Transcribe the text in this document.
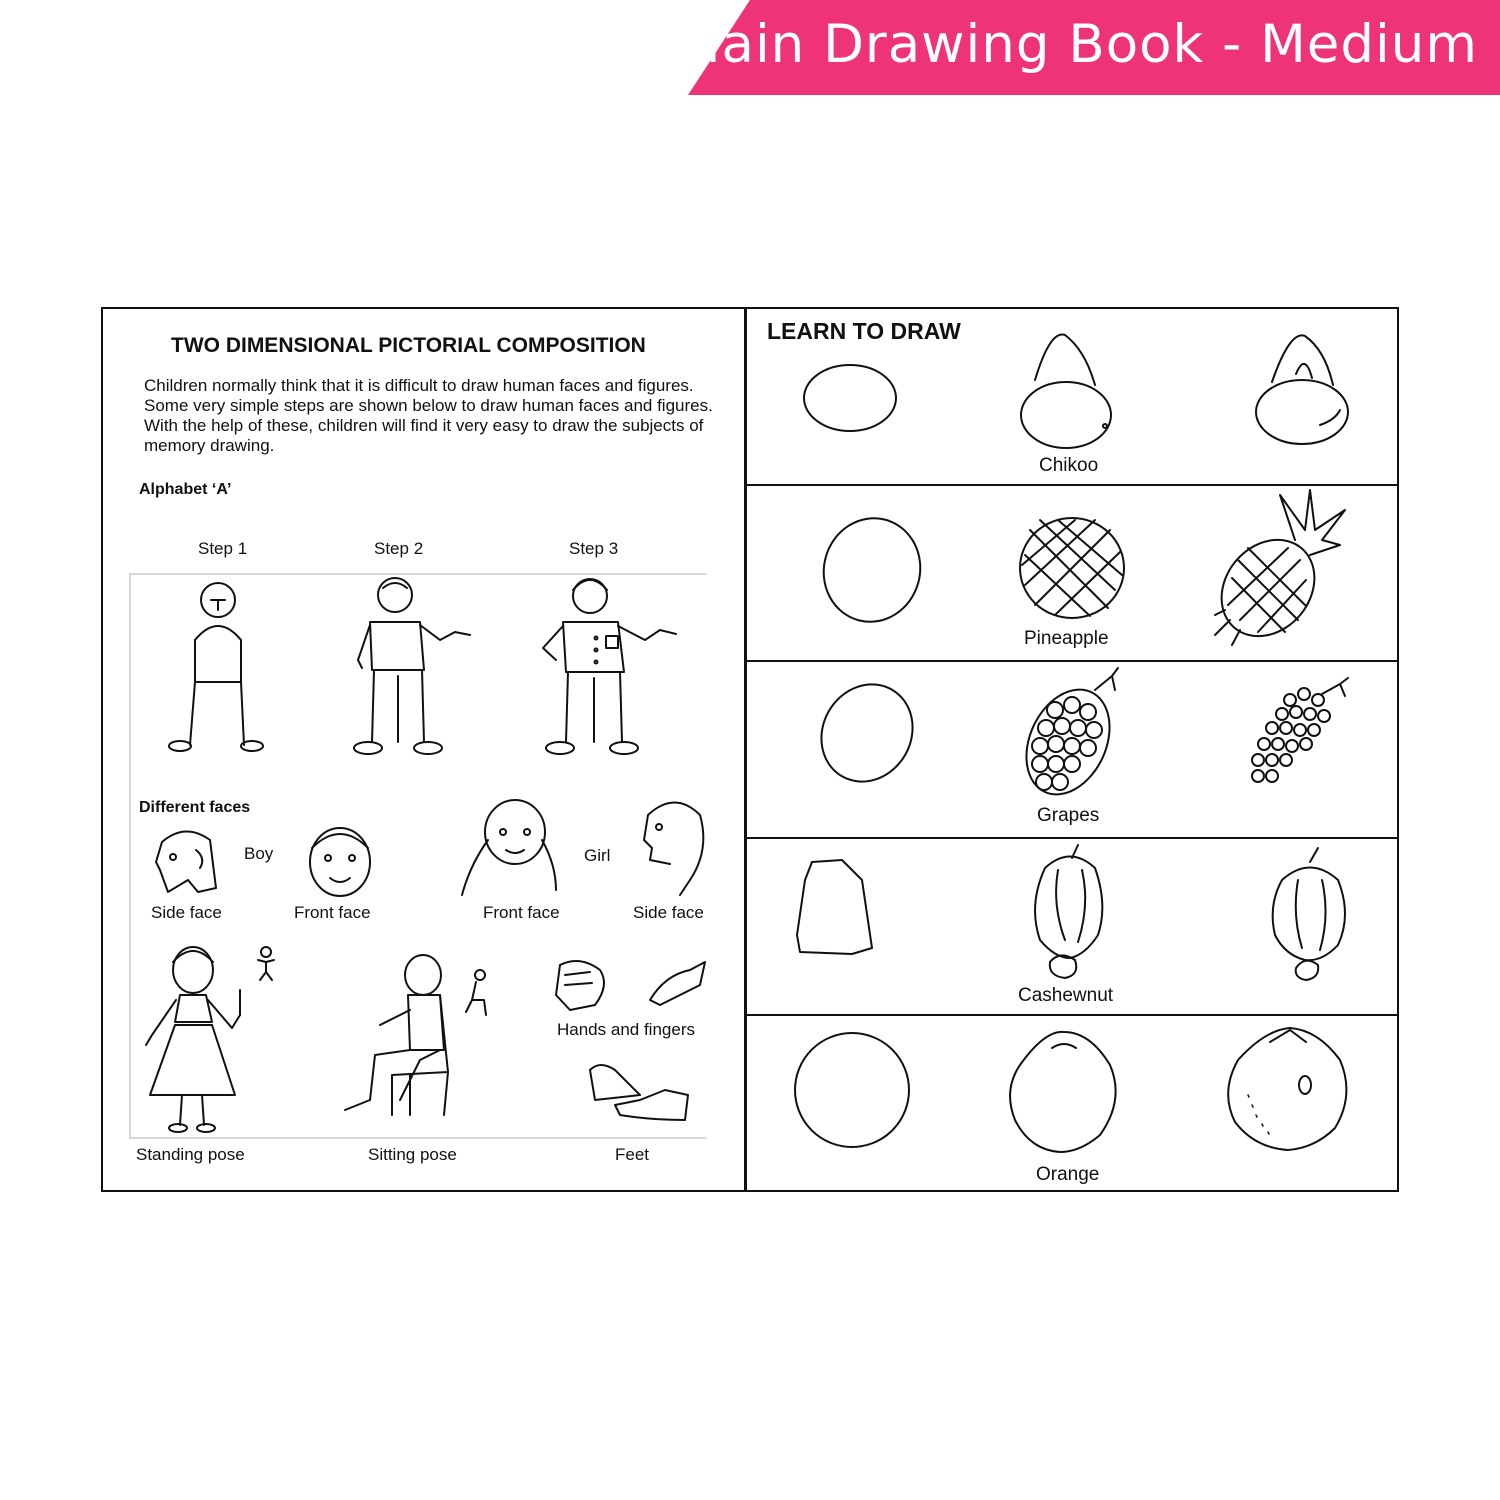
Plain Drawing Book - Medium
TWO DIMENSIONAL PICTORIAL COMPOSITION
Children normally think that it is difficult to draw human faces and figures. Some very simple steps are shown below to draw human faces and figures. With the help of these, children will find it very easy to draw the subjects of memory drawing.
Alphabet ‘A’
Step 1	Step 2	Step 3
Different faces
Boy	Girl
Side face	Front face	Front face	Side face
Hands and fingers
Standing pose	Sitting pose	Feet
LEARN TO DRAW
Chikoo
Pineapple
Grapes
Cashewnut
Orange
